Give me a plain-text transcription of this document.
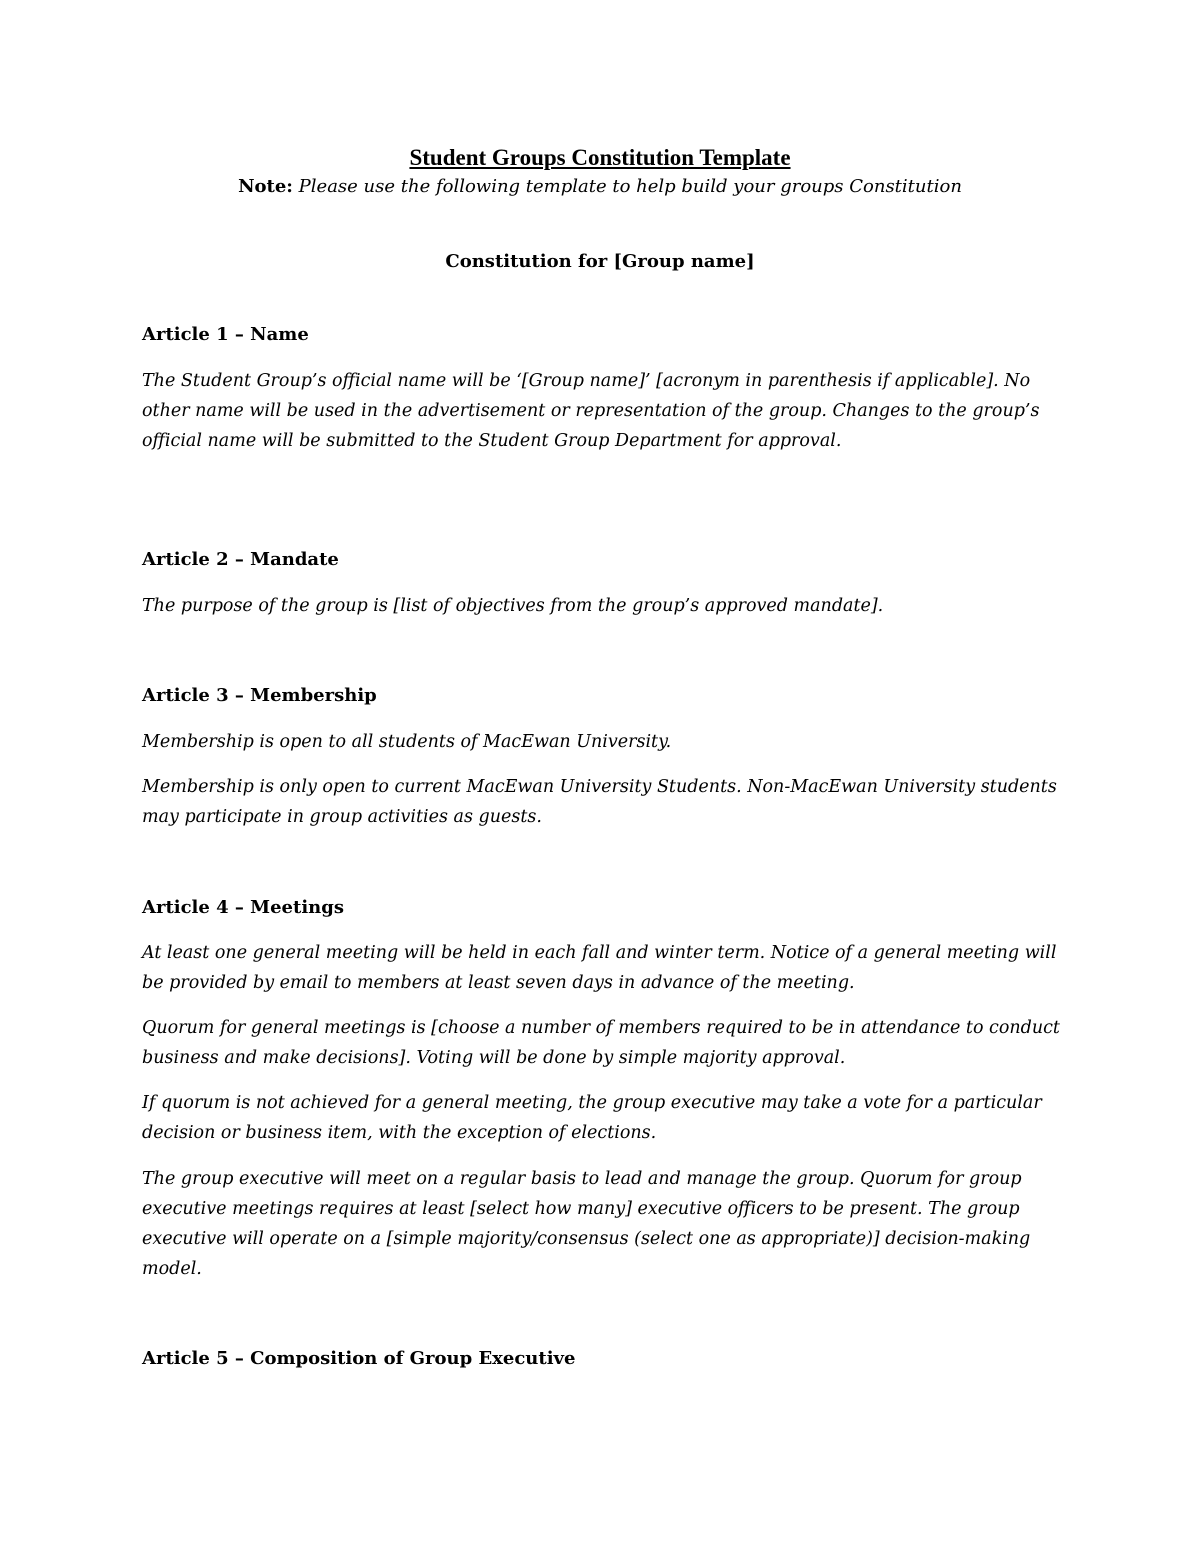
Student Groups Constitution Template
Note: Please use the following template to help build your groups Constitution
Constitution for [Group name]
Article 1 – Name

The Student Group’s official name will be ‘[Group name]’ [acronym in parenthesis if applicable]. No other name will be used in the advertisement or representation of the group. Changes to the group’s official name will be submitted to the Student Group Department for approval.

Article 2 – Mandate

The purpose of the group is [list of objectives from the group’s approved mandate].

Article 3 – Membership

Membership is open to all students of MacEwan University.

Membership is only open to current MacEwan University Students. Non-MacEwan University students may participate in group activities as guests.

Article 4 – Meetings

At least one general meeting will be held in each fall and winter term. Notice of a general meeting will be provided by email to members at least seven days in advance of the meeting.

Quorum for general meetings is [choose a number of members required to be in attendance to conduct business and make decisions]. Voting will be done by simple majority approval.

If quorum is not achieved for a general meeting, the group executive may take a vote for a particular decision or business item, with the exception of elections.

The group executive will meet on a regular basis to lead and manage the group. Quorum for group executive meetings requires at least [select how many] executive officers to be present. The group executive will operate on a [simple majority/consensus (select one as appropriate)] decision-making model.

Article 5 – Composition of Group Executive
